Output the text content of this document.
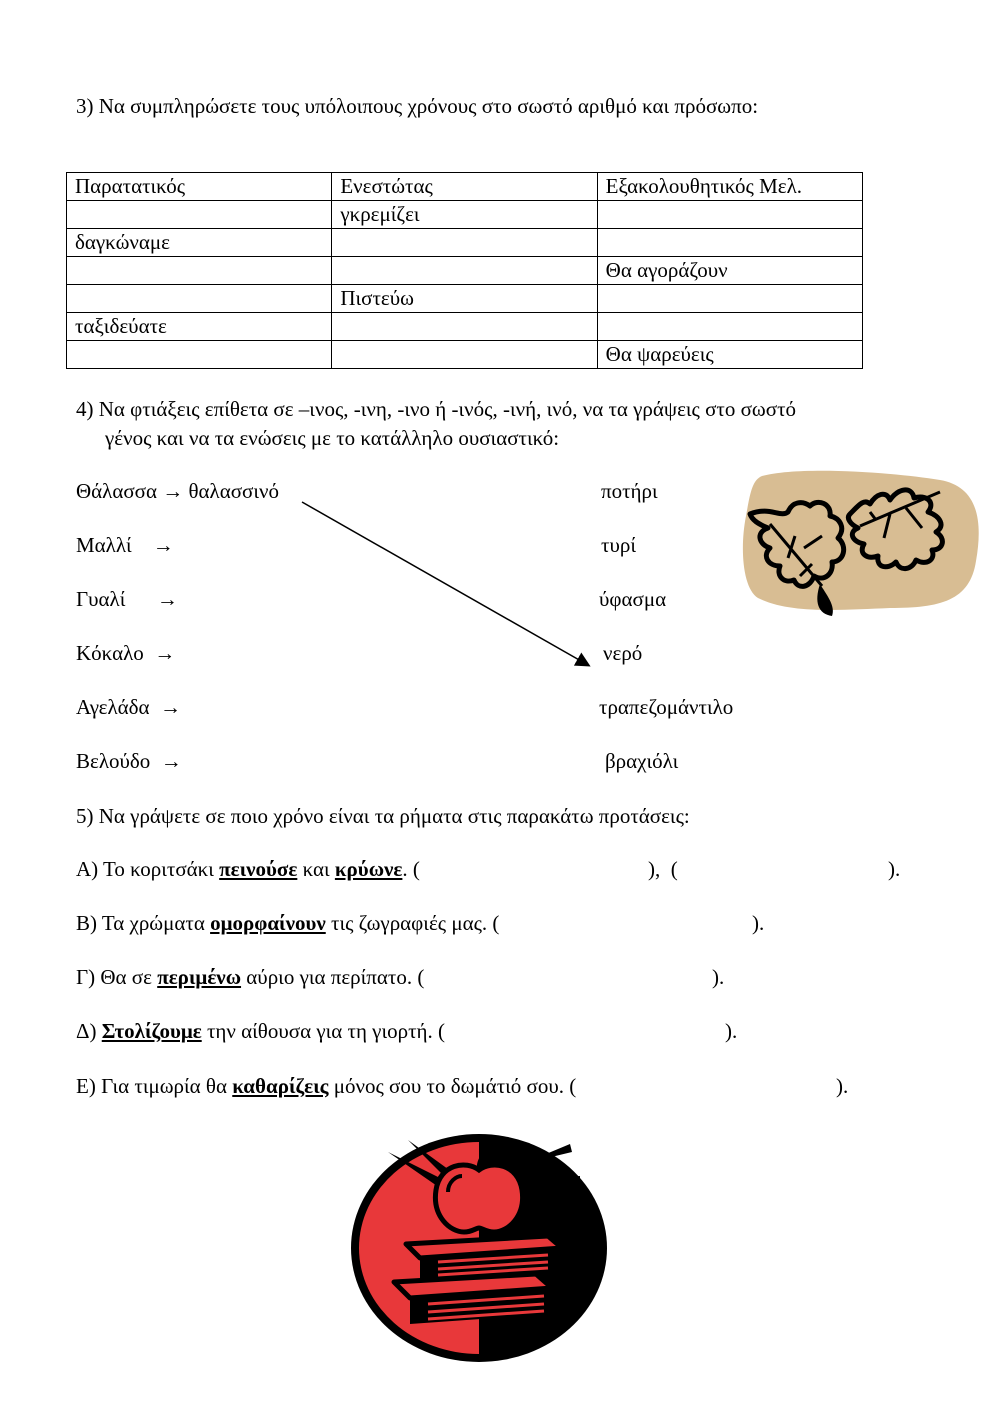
3) Να συμπληρώσετε τους υπόλοιπους χρόνους στο σωστό αριθμό και πρόσωπο:
Παρατατικός	Ενεστώτας	Εξακολουθητικός Μελ.
	γκρεμίζει	
δαγκώναμε		
		Θα αγοράζουν
	Πιστεύω	
ταξιδεύατε		
		Θα ψαρεύεις
4) Να φτιάξεις επίθετα σε –ινος, -ινη, -ινο ή -ινός, -ινή, ινό, να τα γράψεις στο σωστό
γένος και να τα ενώσεις με το κατάλληλο ουσιαστικό:
Θάλασσα → θαλασσινό
Μαλλί    →
Γυαλί      →
Κόκαλο  →
Αγελάδα  →
Βελούδο  →
ποτήρι
τυρί
ύφασμα
νερό
τραπεζομάντιλο
βραχιόλι
5) Να γράψετε σε ποιο χρόνο είναι τα ρήματα στις παρακάτω προτάσεις:
Α) Το κοριτσάκι πεινούσε και κρύωνε. (	),  (	).
Β) Τα χρώματα ομορφαίνουν τις ζωγραφιές μας. (	).
Γ) Θα σε περιμένω αύριο για περίπατο. (	).
Δ) Στολίζουμε την αίθουσα για τη γιορτή. (	).
Ε) Για τιμωρία θα καθαρίζεις μόνος σου το δωμάτιό σου. (	).
